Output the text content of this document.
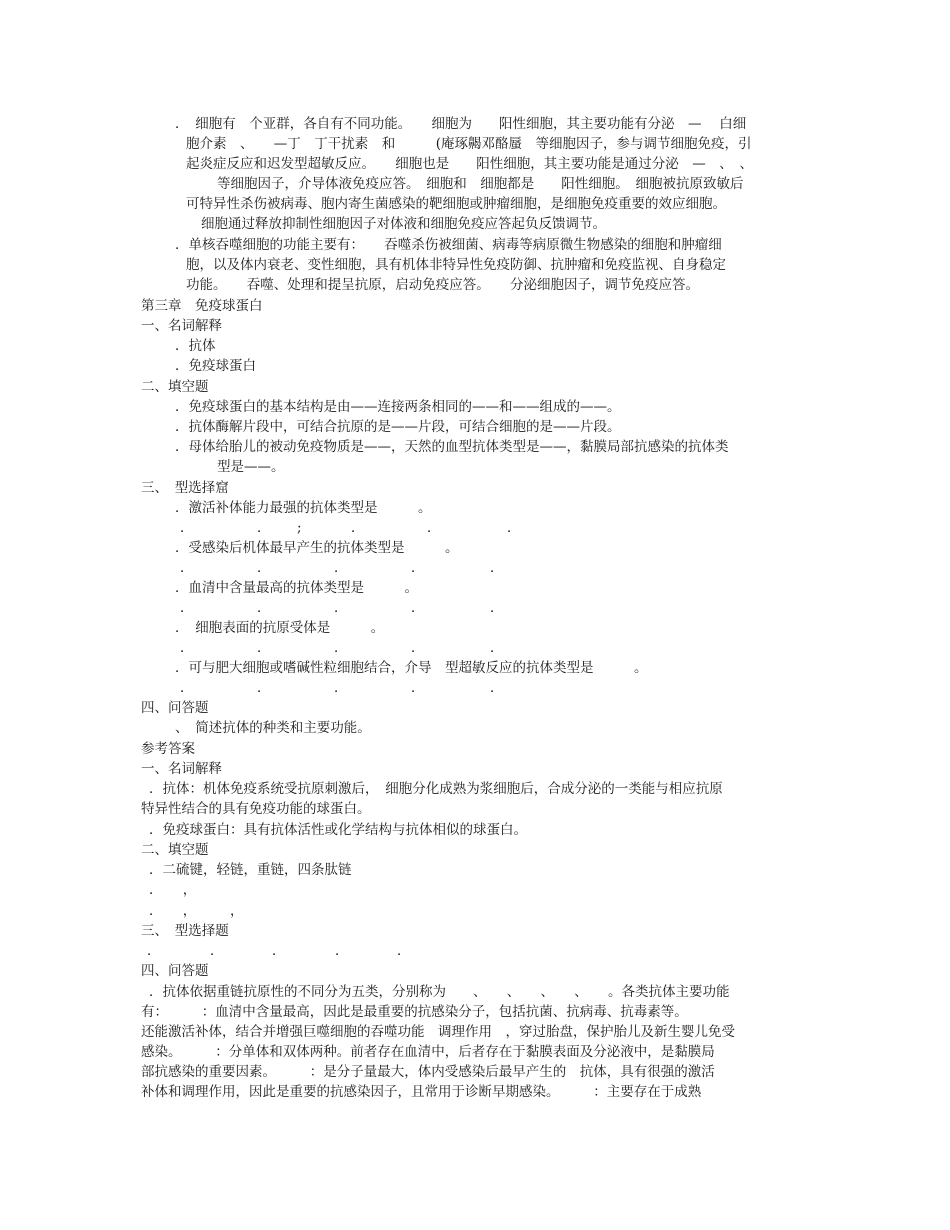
．　细胞有　个亚群，各自有不同功能。　　细胞为　　阳性细胞，其主要功能有分泌　—　 白细
胞介素　、　　—丁　丁干扰素　和　　　(庵琢齃邓酪蜃　等细胞因子，参与调节细胞免疫，引
起炎症反应和迟发型超敏反应。　　细胞也是　　阳性细胞，其主要功能是通过分泌　—　、　、
等细胞因子，介导体液免疫应答。　细胞和　细胞都是　　阳性细胞。　细胞被抗原致敏后
可特异性杀伤被病毒、胞内寄生菌感染的靶细胞或肿瘤细胞，是细胞免疫重要的效应细胞。
细胞通过释放抑制性细胞因子对体液和细胞免疫应答起负反馈调节。
．单核吞噬细胞的功能主要有：　　吞噬杀伤被细菌、病毒等病原微生物感染的细胞和肿瘤细
胞，以及体内衰老、变性细胞，具有机体非特异性免疫防御、抗肿瘤和免疫监视、自身稳定
功能。　　吞噬、处理和提呈抗原，启动免疫应答。　　分泌细胞因子，调节免疫应答。
第三章　免疫球蛋白
一、名词解释
．抗体
．免疫球蛋白
二、填空题
．免疫球蛋白的基本结构是由——连接两条相同的——和——组成的——。
．抗体酶解片段中，可结合抗原的是——片段，可结合细胞的是——片段。
．母体给胎儿的被动免疫物质是——，天然的血型抗体类型是——，黏膜局部抗感染的抗体类
型是——。
三、　型选择窟
．激活补体能力最强的抗体类型是　　　。
．	． ;	．	．	．
．受感染后机体最早产生的抗体类型是　　　。
．	．	．	．	．
．血清中含量最高的抗体类型是　　　。
．	．	．	．	．
．　细胞表面的抗原受体是　　　。
．	．	．	．	．
．可与肥大细胞或嗜碱性粒细胞结合，介导　型超敏反应的抗体类型是　　　。
．	．	．	．	．
四、问答题
、　简述抗体的种类和主要功能。
参考答案
一、名词解释
．抗体：机体免疫系统受抗原刺激后，　细胞分化成熟为浆细胞后，合成分泌的一类能与相应抗原
特异性结合的具有免疫功能的球蛋白。
．免疫球蛋白：具有抗体活性或化学结构与抗体相似的球蛋白。
二、填空题
．二硫键，轻链，重链，四条肽链
．　　，
．　　，　　　，
三、　型选择题
．	．	．	．	．
四、问答题
．抗体依据重链抗原性的不同分为五类，分别称为　　、　　、　　、　　、　　。各类抗体主要功能
有：　　　：血清中含量最高，因此是最重要的抗感染分子，包括抗菌、抗病毒、抗毒素等。
还能激活补体，结合并增强巨噬细胞的吞噬功能　调理作用　，穿过胎盘，保护胎儿及新生婴儿免受
感染。　　　：分单体和双体两种。前者存在血清中，后者存在于黏膜表面及分泌液中，是黏膜局
部抗感染的重要因素。　　　：是分子量最大，体内受感染后最早产生的　抗体，具有很强的激活
补体和调理作用，因此是重要的抗感染因子，且常用于诊断早期感染。　　　：主要存在于成熟
